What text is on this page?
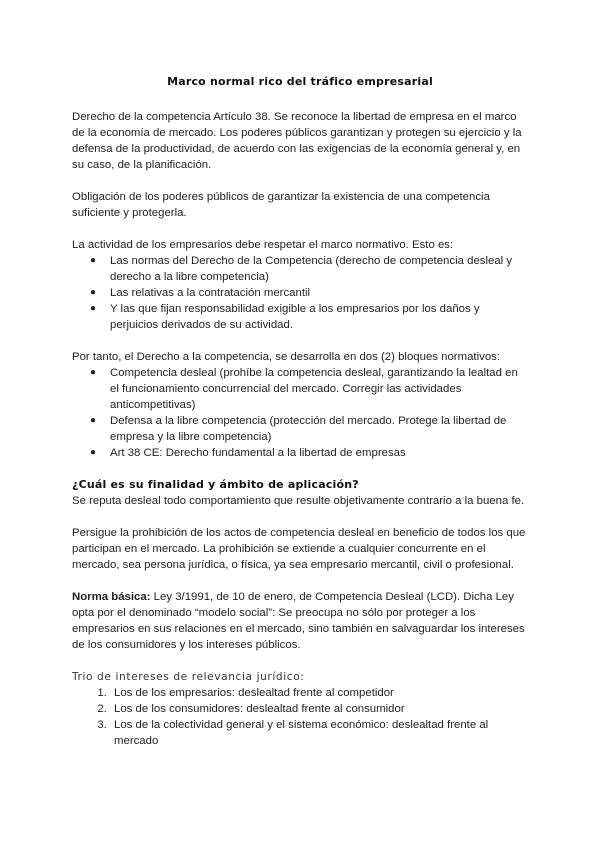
Marco normal rico del tráfico empresarial

Derecho de la competencia Artículo 38. Se reconoce la libertad de empresa en el marco de la economía de mercado. Los poderes públicos garantizan y protegen su ejercicio y la defensa de la productividad, de acuerdo con las exigencias de la economía general y, en su caso, de la planificación.

Obligación de los poderes públicos de garantizar la existencia de una competencia suficiente y protegerla.

La actividad de los empresarios debe respetar el marco normativo. Esto es:

● Las normas del Derecho de la Competencia (derecho de competencia desleal y derecho a la libre competencia)
● Las relativas a la contratación mercantil
● Y las que fijan responsabilidad exigible a los empresarios por los daños y perjuicios derivados de su actividad.

Por tanto, el Derecho a la competencia, se desarrolla en dos (2) bloques normativos:

● Competencia desleal (prohíbe la competencia desleal, garantizando la lealtad en el funcionamiento concurrencial del mercado. Corregir las actividades anticompetitivas)
● Defensa a la libre competencia (protección del mercado. Protege la libertad de empresa y la libre competencia)
● Art 38 CE: Derecho fundamental a la libertad de empresas
¿Cuál es su finalidad y ámbito de aplicación?

Se reputa desleal todo comportamiento que resulte objetivamente contrario a la buena fe.

Persigue la prohibición de los actos de competencia desleal en beneficio de todos los que participan en el mercado. La prohibición se extiende a cualquier concurrente en el mercado, sea persona jurídica, o física, ya sea empresario mercantil, civil o profesional.

Norma básica: Ley 3/1991, de 10 de enero, de Competencia Desleal (LCD). Dicha Ley opta por el denominado “modelo social”: Se preocupa no sólo por proteger a los empresarios en sus relaciones en el mercado, sino también en salvaguardar los intereses de los consumidores y los intereses públicos.

Trio de intereses de relevancia jurídico:
1. Los de los empresarios: deslealtad frente al competidor
2. Los de los consumidores: deslealtad frente al consumidor
3. Los de la colectividad general y el sistema económico: deslealtad frente al mercado
